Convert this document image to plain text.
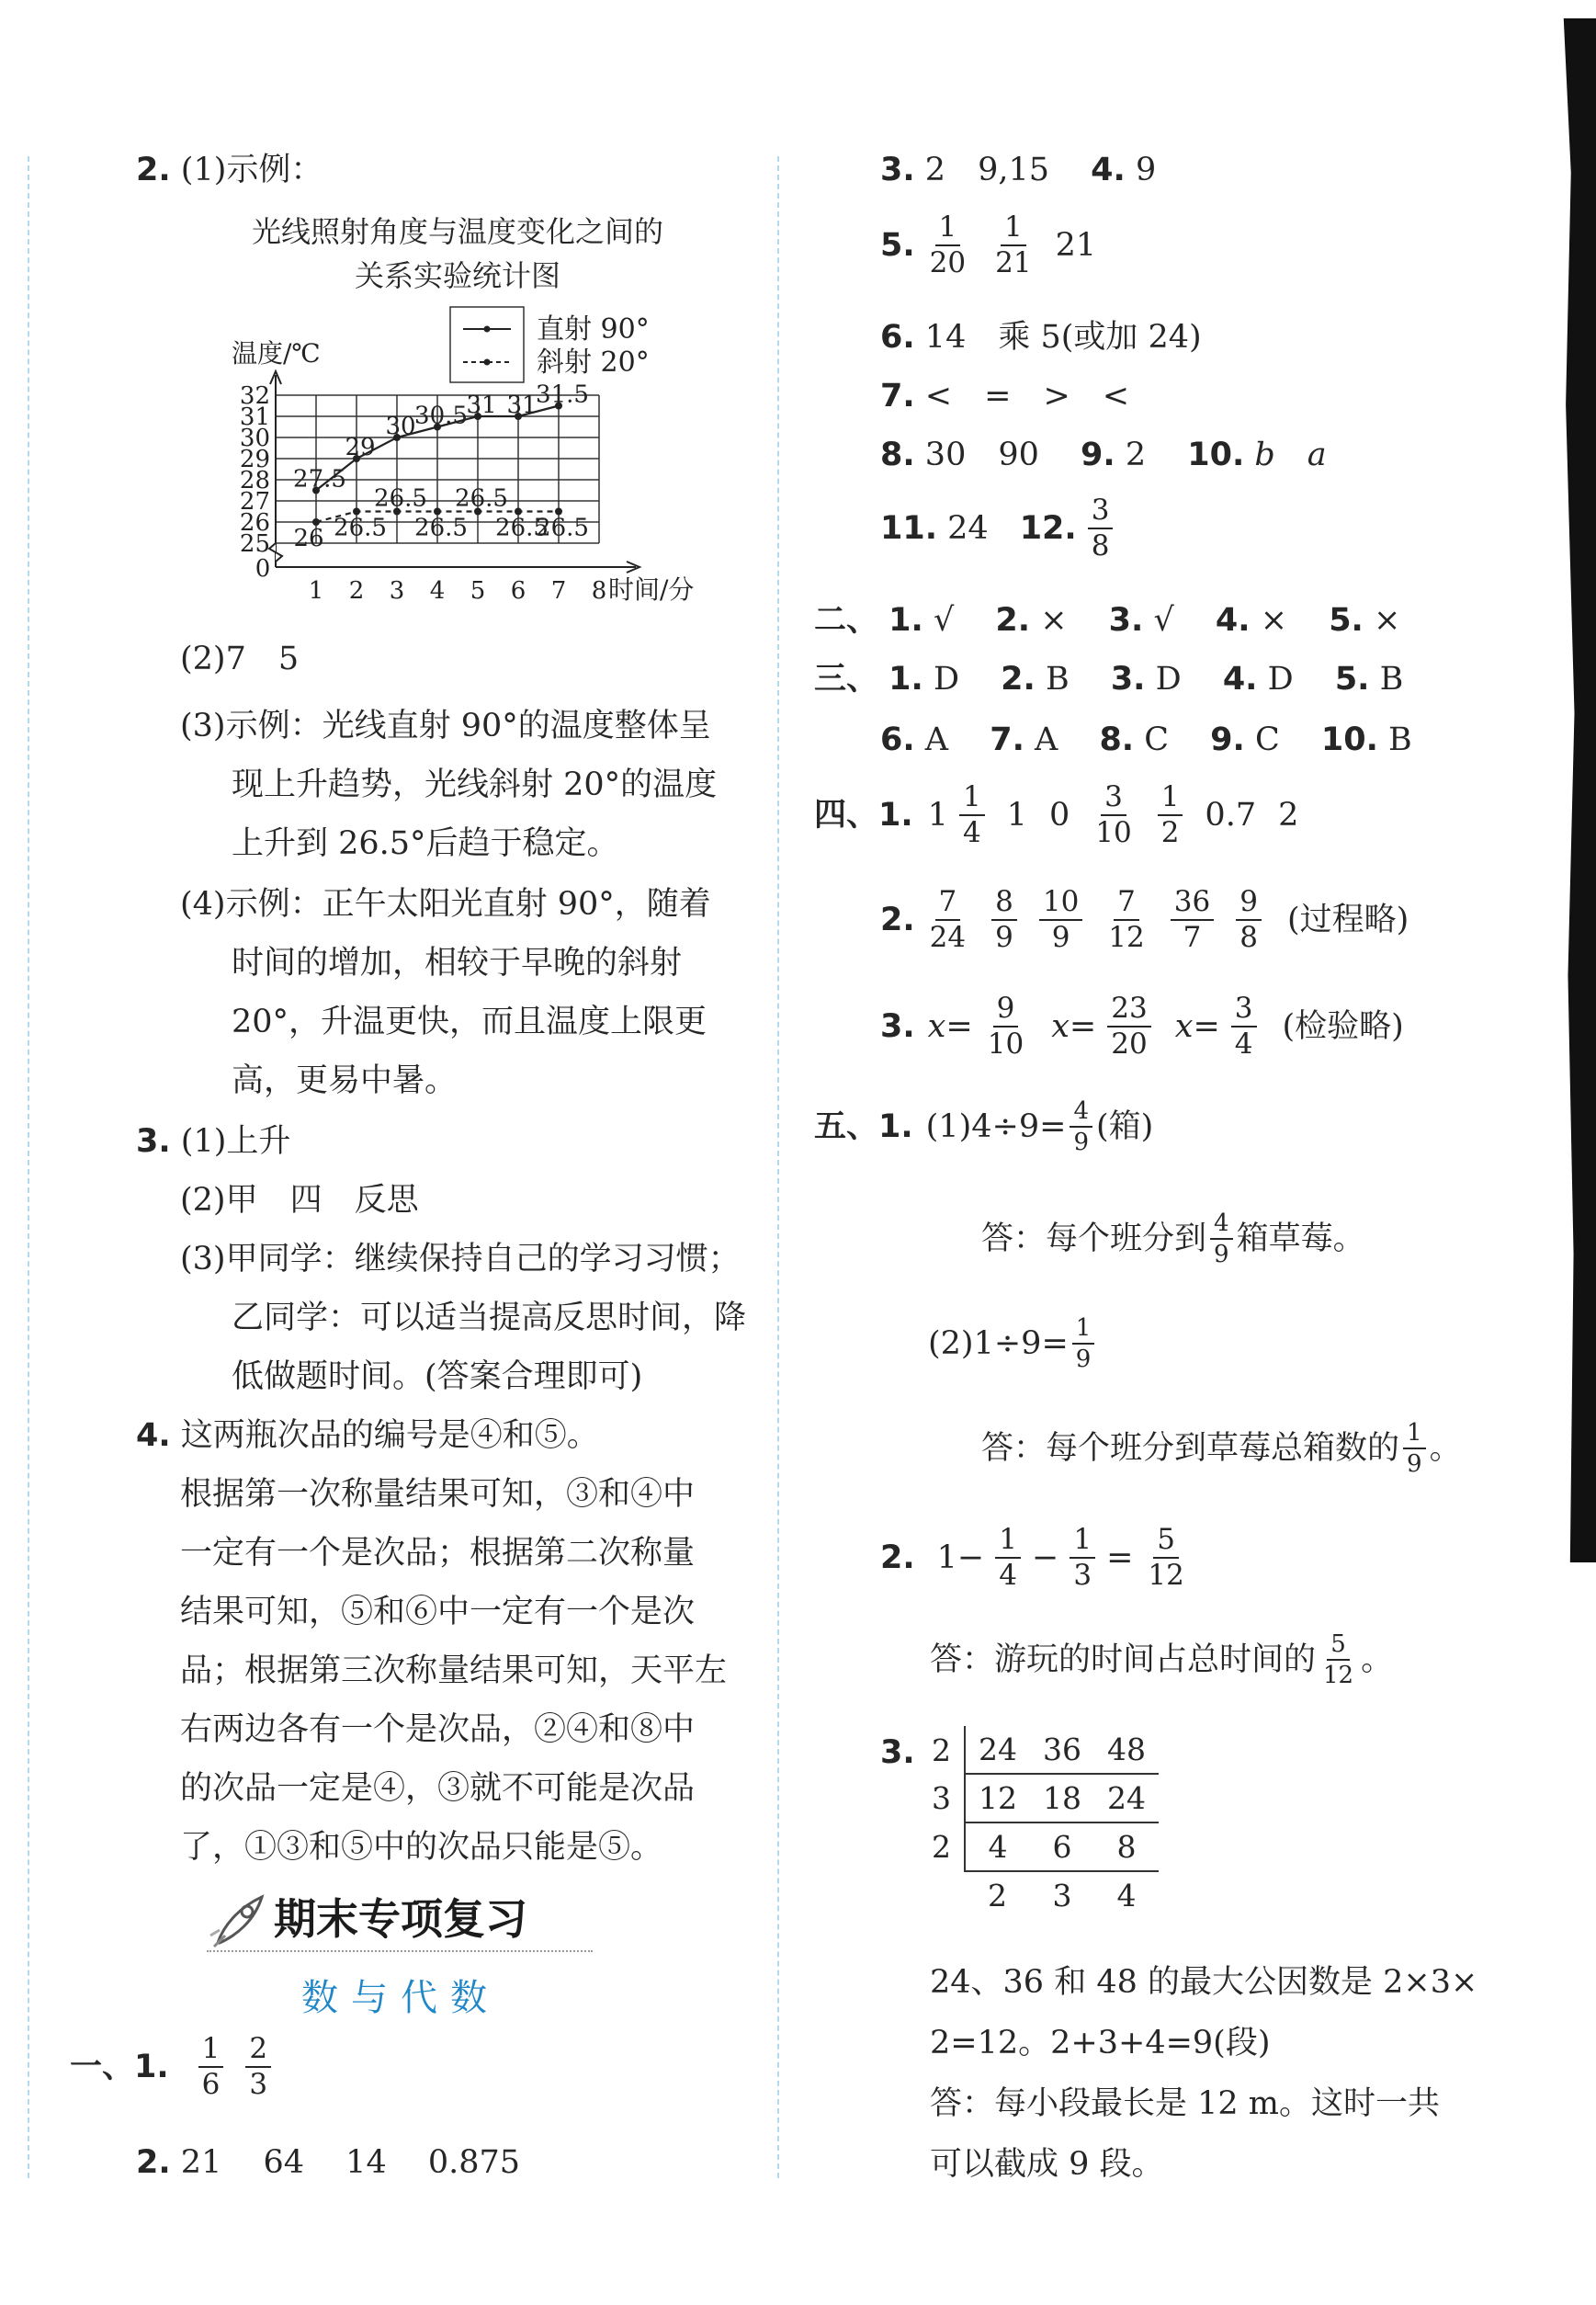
2. (1)示例：
光线照射角度与温度变化之间的
关系实验统计图
25
26
27
28
29
30
31
32
0
1 2 3 4 5 6 7 8 时间/分
温度/℃
直射 90°
斜射 20°
27.5
29
30
30.5
31 31
31.5
26 26.5
26.5
26.5
26.5
26.5
26.5
(2)7　5
(3)示例：光线直射 90°的温度整体呈
现上升趋势，光线斜射 20°的温度
上升到 26.5°后趋于稳定。
(4)示例：正午太阳光直射 90°，随着
时间的增加，相较于早晚的斜射
20°，升温更快，而且温度上限更
高，更易中暑。
3. (1)上升
(2)甲　四　反思
(3)甲同学：继续保持自己的学习习惯；
乙同学：可以适当提高反思时间，降
低做题时间。(答案合理即可)
4. 这两瓶次品的编号是④和⑤。
根据第一次称量结果可知，③和④中
一定有一个是次品；根据第二次称量
结果可知，⑤和⑥中一定有一个是次
品；根据第三次称量结果可知，天平左
右两边各有一个是次品，②④和⑧中
的次品一定是④，③就不可能是次品
了，①③和⑤中的次品只能是⑤。
期末专项复习
数与代数
一、1. $\frac{1}{6} \frac{2}{3}$
2. 21 64 14 0.875
3. 2　9,15 4. 9
5. $\frac{1}{20} \frac{1}{21} 21$
6. 14　乘 5(或加 24)
7. <　=　>　<
8. 30　90 9. 2 10. b　a
11.
24 12. $\frac{3}{8}$
二、 1. √ 2. × 3. √ 4. × 5. ×
三、 1. D 2. B 3. D 4. D 5. B
6. A 7. A 8. C 9. C 10. B
四、1. $1 \frac{1}{4} 1$ $0 \frac{3}{10} \frac{1}{2} 0.7$ 2
2. $\frac{7}{24} \frac{8}{9} \frac{10}{9} \frac{7}{12} \frac{36}{7} \frac{9}{8}$ (过程略)
3. $x= \frac{9}{10} x= \frac{23}{20} x= \frac{3}{4}$ (检验略)
五、1. $(1)4\div 9= \frac{4}{9}$ (箱)
答：每个班分到 $\frac{4}{9}$ 箱草莓。
$(2)1\div 9= \frac{1}{9}$
答：每个班分到草莓总箱数的 $\frac{1}{9}$ 。
2. $1- \frac{1}{4} - \frac{1}{3} = \frac{5}{12}$
答：游玩的时间占总时间的 $\frac{5}{12}$ 。
3. 2	24	36	48
3	12	18	24
2	4	6	8
	2	3	4
24、36 和 48 的最大公因数是 2×3×
2=12。2+3+4=9(段)
答：每小段最长是 12 m。这时一共
可以截成 9 段。
